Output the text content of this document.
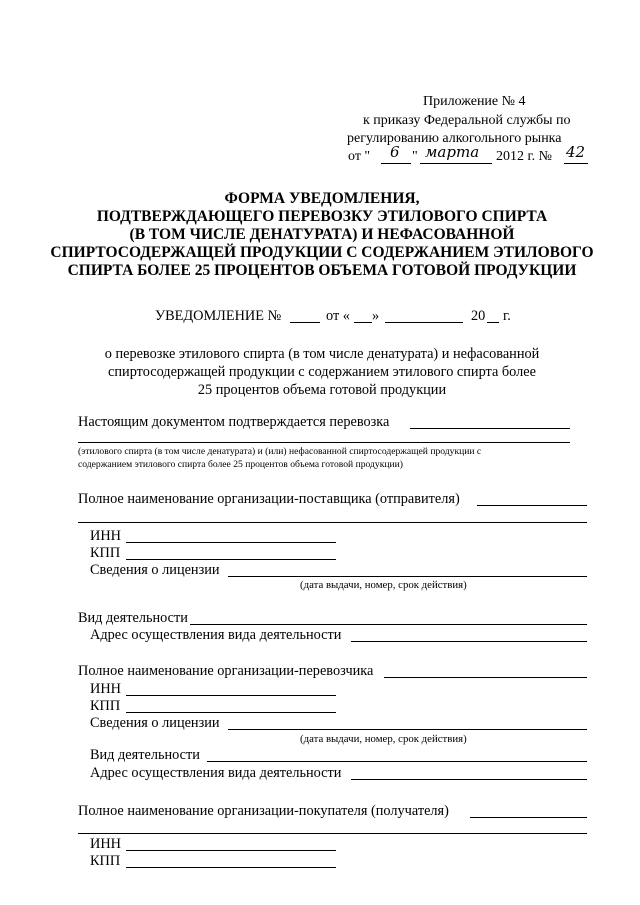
Приложение № 4
к приказу Федеральной службы по
регулированию алкогольного рынка
от " 6 " марта 2012 г. № 42
ФОРМА УВЕДОМЛЕНИЯ,
ПОДТВЕРЖДАЮЩЕГО ПЕРЕВОЗКУ ЭТИЛОВОГО СПИРТА
(В ТОМ ЧИСЛЕ ДЕНАТУРАТА) И НЕФАСОВАННОЙ
СПИРТОСОДЕРЖАЩЕЙ ПРОДУКЦИИ С СОДЕРЖАНИЕМ ЭТИЛОВОГО
СПИРТА БОЛЕЕ 25 ПРОЦЕНТОВ ОБЪЕМА ГОТОВОЙ ПРОДУКЦИИ
УВЕДОМЛЕНИЕ №	от « »	20 г.
о перевозке этилового спирта (в том числе денатурата) и нефасованной
спиртосодержащей продукции с содержанием этилового спирта более
25 процентов объема готовой продукции
Настоящим документом подтверждается перевозка
(этилового спирта (в том числе денатурата) и (или) нефасованной спиртосодержащей продукции с
содержанием этилового спирта более 25 процентов объема готовой продукции)
Полное наименование организации-поставщика (отправителя)
ИНН
КПП
Сведения о лицензии
(дата выдачи, номер, срок действия)
Вид деятельности
Адрес осуществления вида деятельности
Полное наименование организации-перевозчика
ИНН
КПП
Сведения о лицензии
(дата выдачи, номер, срок действия)
Вид деятельности
Адрес осуществления вида деятельности
Полное наименование организации-покупателя (получателя)
ИНН
КПП
